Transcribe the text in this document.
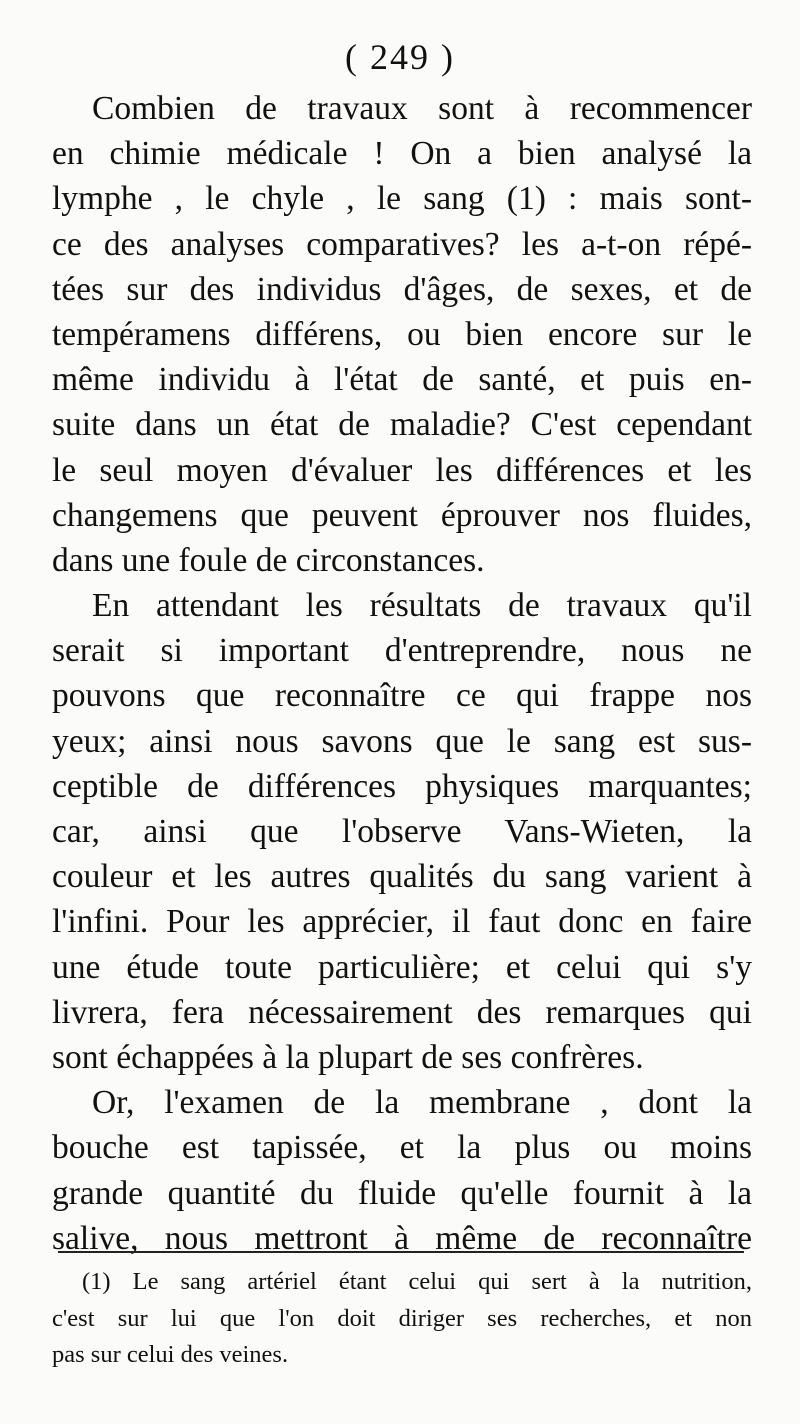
( 249 )
Combien de travaux sont à recommencer
en chimie médicale ! On a bien analysé la
lymphe , le chyle , le sang (1) : mais sont-
ce des analyses comparatives? les a-t-on répé-
tées sur des individus d'âges, de sexes, et de
tempéramens différens, ou bien encore sur le
même individu à l'état de santé, et puis en-
suite dans un état de maladie? C'est cependant
le seul moyen d'évaluer les différences et les
changemens que peuvent éprouver nos fluides,
dans une foule de circonstances.
En attendant les résultats de travaux qu'il
serait si important d'entreprendre, nous ne
pouvons que reconnaître ce qui frappe nos
yeux; ainsi nous savons que le sang est sus-
ceptible de différences physiques marquantes;
car, ainsi que l'observe Vans-Wieten, la
couleur et les autres qualités du sang varient à
l'infini. Pour les apprécier, il faut donc en faire
une étude toute particulière; et celui qui s'y
livrera, fera nécessairement des remarques qui
sont échappées à la plupart de ses confrères.
Or, l'examen de la membrane , dont la
bouche est tapissée, et la plus ou moins
grande quantité du fluide qu'elle fournit à la
salive, nous mettront à même de reconnaître
(1) Le sang artériel étant celui qui sert à la nutrition,
c'est sur lui que l'on doit diriger ses recherches, et non
pas sur celui des veines.
